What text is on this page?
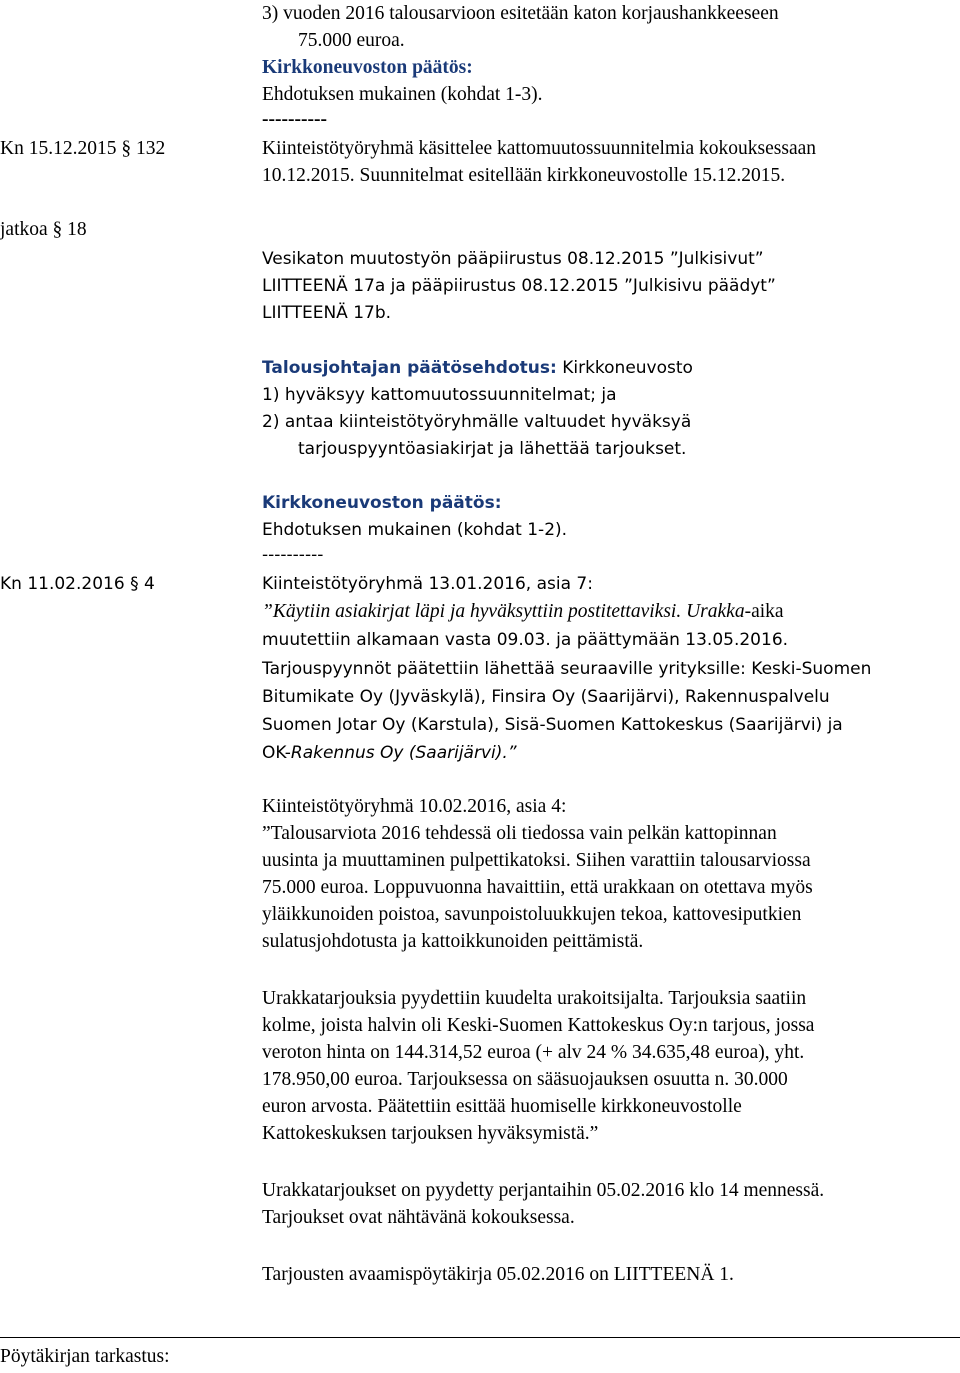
3) vuoden 2016 talousarvioon esitetään katon korjaushankkeeseen
75.000 euroa.
Kirkkoneuvoston päätös:
Ehdotuksen mukainen (kohdat 1-3).
----------
Kn 15.12.2015 § 132
jatkoa § 18
Kiinteistötyöryhmä käsittelee kattomuutossuunnitelmia kokouksessaan
10.12.2015. Suunnitelmat esitellään kirkkoneuvostolle 15.12.2015.
Vesikaton muutostyön pääpiirustus 08.12.2015 ”Julkisivut”
LIITTEENÄ 17a ja pääpiirustus 08.12.2015 ”Julkisivu päädyt”
LIITTEENÄ 17b.
Talousjohtajan päätösehdotus: Kirkkoneuvosto
1) hyväksyy kattomuutossuunnitelmat; ja
2) antaa kiinteistötyöryhmälle valtuudet hyväksyä
tarjouspyyntöasiakirjat ja lähettää tarjoukset.
Kirkkoneuvoston päätös:
Ehdotuksen mukainen (kohdat 1-2).
----------
Kn 11.02.2016 § 4	Kiinteistötyöryhmä 13.01.2016, asia 7:
”Käytiin asiakirjat läpi ja hyväksyttiin postitettaviksi. Urakka-aika
muutettiin alkamaan vasta 09.03. ja päättymään 13.05.2016.
Tarjouspyynnöt päätettiin lähettää seuraaville yrityksille: Keski-Suomen
Bitumikate Oy (Jyväskylä), Finsira Oy (Saarijärvi), Rakennuspalvelu
Suomen Jotar Oy (Karstula), Sisä-Suomen Kattokeskus (Saarijärvi) ja
OK-Rakennus Oy (Saarijärvi).”
Kiinteistötyöryhmä 10.02.2016, asia 4:
”Talousarviota 2016 tehdessä oli tiedossa vain pelkän kattopinnan
uusinta ja muuttaminen pulpettikatoksi. Siihen varattiin talousarviossa
75.000 euroa. Loppuvuonna havaittiin, että urakkaan on otettava myös
yläikkunoiden poistoa, savunpoistoluukkujen tekoa, kattovesiputkien
sulatusjohdotusta ja kattoikkunoiden peittämistä.
Urakkatarjouksia pyydettiin kuudelta urakoitsijalta. Tarjouksia saatiin
kolme, joista halvin oli Keski-Suomen Kattokeskus Oy:n tarjous, jossa
veroton hinta on 144.314,52 euroa (+ alv 24 % 34.635,48 euroa), yht.
178.950,00 euroa. Tarjouksessa on sääsuojauksen osuutta n. 30.000
euron arvosta. Päätettiin esittää huomiselle kirkkoneuvostolle
Kattokeskuksen tarjouksen hyväksymistä.”
Urakkatarjoukset on pyydetty perjantaihin 05.02.2016 klo 14 mennessä.
Tarjoukset ovat nähtävänä kokouksessa.
Tarjousten avaamispöytäkirja 05.02.2016 on LIITTEENÄ 1.
Pöytäkirjan tarkastus:
